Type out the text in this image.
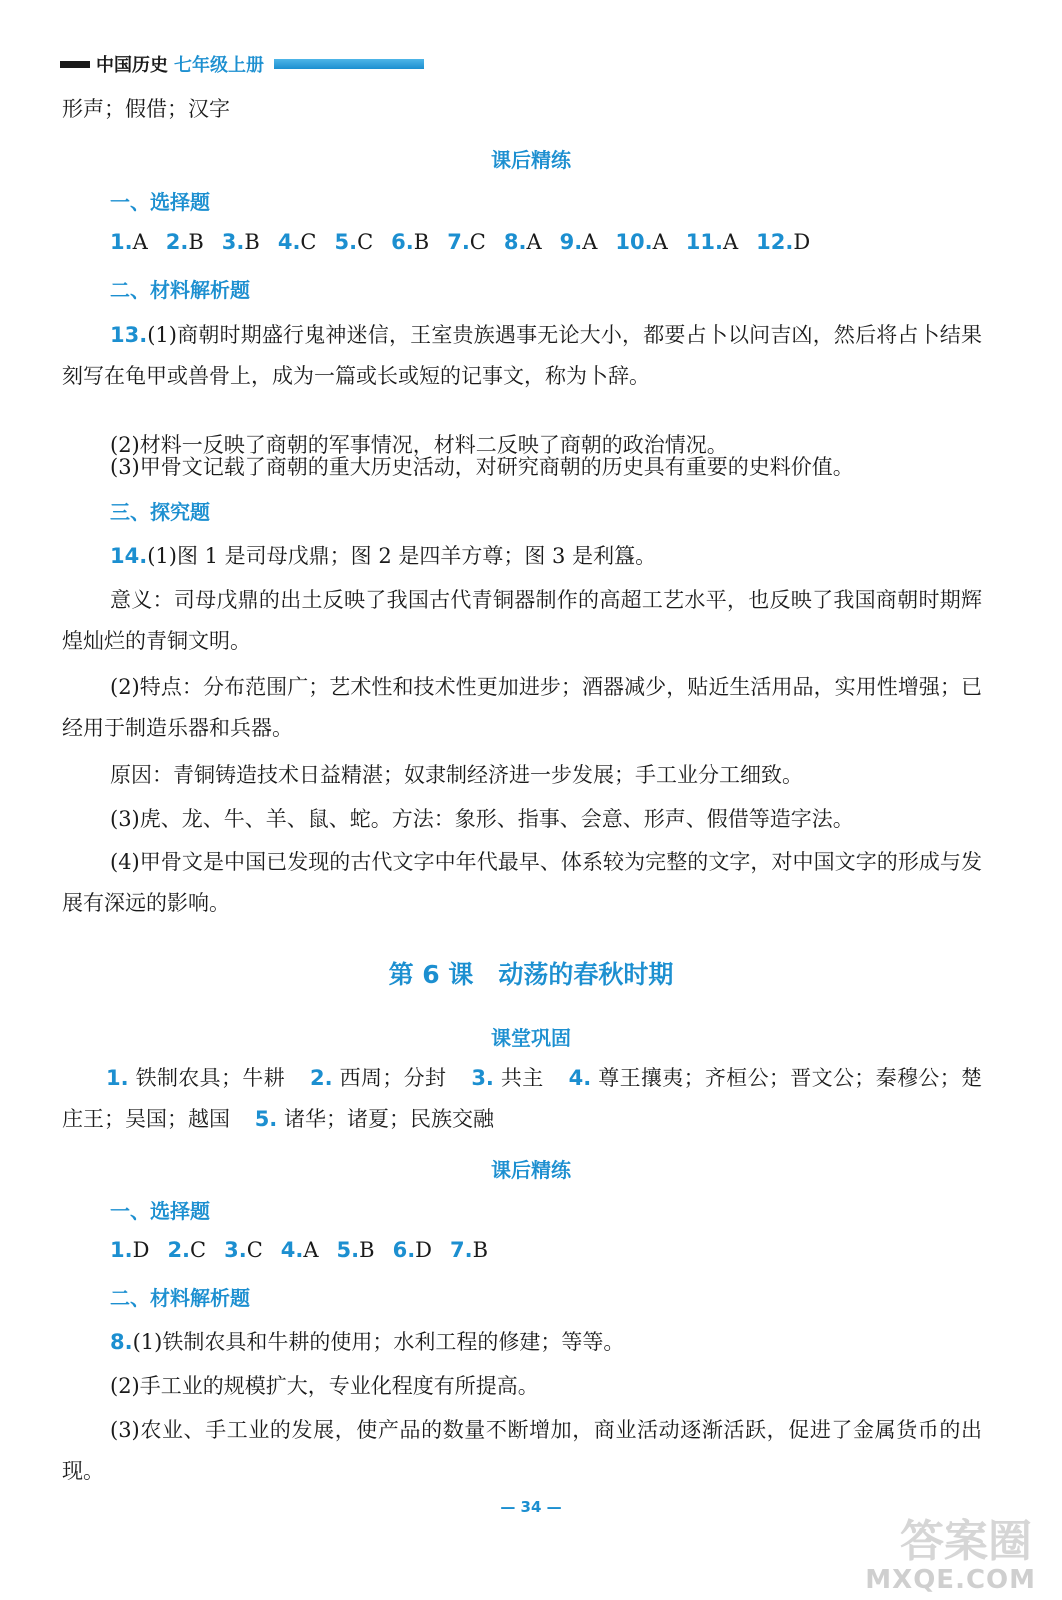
中国历史 七年级上册
形声；假借；汉字
课后精练
一、选择题
1.A 2.B 3.B 4.C 5.C 6.B 7.C 8.A 9.A 10.A 11.A 12.D
二、材料解析题
13.(1)商朝时期盛行鬼神迷信，王室贵族遇事无论大小，都要占卜以问吉凶，然后将占卜结果刻写在龟甲或兽骨上，成为一篇或长或短的记事文，称为卜辞。
(2)材料一反映了商朝的军事情况，材料二反映了商朝的政治情况。
(3)甲骨文记载了商朝的重大历史活动，对研究商朝的历史具有重要的史料价值。
三、探究题
14.(1)图 1 是司母戊鼎；图 2 是四羊方尊；图 3 是利簋。
意义：司母戊鼎的出土反映了我国古代青铜器制作的高超工艺水平，也反映了我国商朝时期辉煌灿烂的青铜文明。
(2)特点：分布范围广；艺术性和技术性更加进步；酒器减少，贴近生活用品，实用性增强；已经用于制造乐器和兵器。
原因：青铜铸造技术日益精湛；奴隶制经济进一步发展；手工业分工细致。
(3)虎、龙、牛、羊、鼠、蛇。方法：象形、指事、会意、形声、假借等造字法。
(4)甲骨文是中国已发现的古代文字中年代最早、体系较为完整的文字，对中国文字的形成与发展有深远的影响。
第 6 课　动荡的春秋时期
课堂巩固
1. 铁制农具；牛耕 2. 西周；分封 3. 共主 4. 尊王攘夷；齐桓公；晋文公；秦穆公；楚庄王；吴国；越国 5. 诸华；诸夏；民族交融
课后精练
一、选择题
1.D 2.C 3.C 4.A 5.B 6.D 7.B
二、材料解析题
8.(1)铁制农具和牛耕的使用；水利工程的修建；等等。
(2)手工业的规模扩大，专业化程度有所提高。
(3)农业、手工业的发展，使产品的数量不断增加，商业活动逐渐活跃，促进了金属货币的出现。
— 34 —
答案圈
MXQE.COM
